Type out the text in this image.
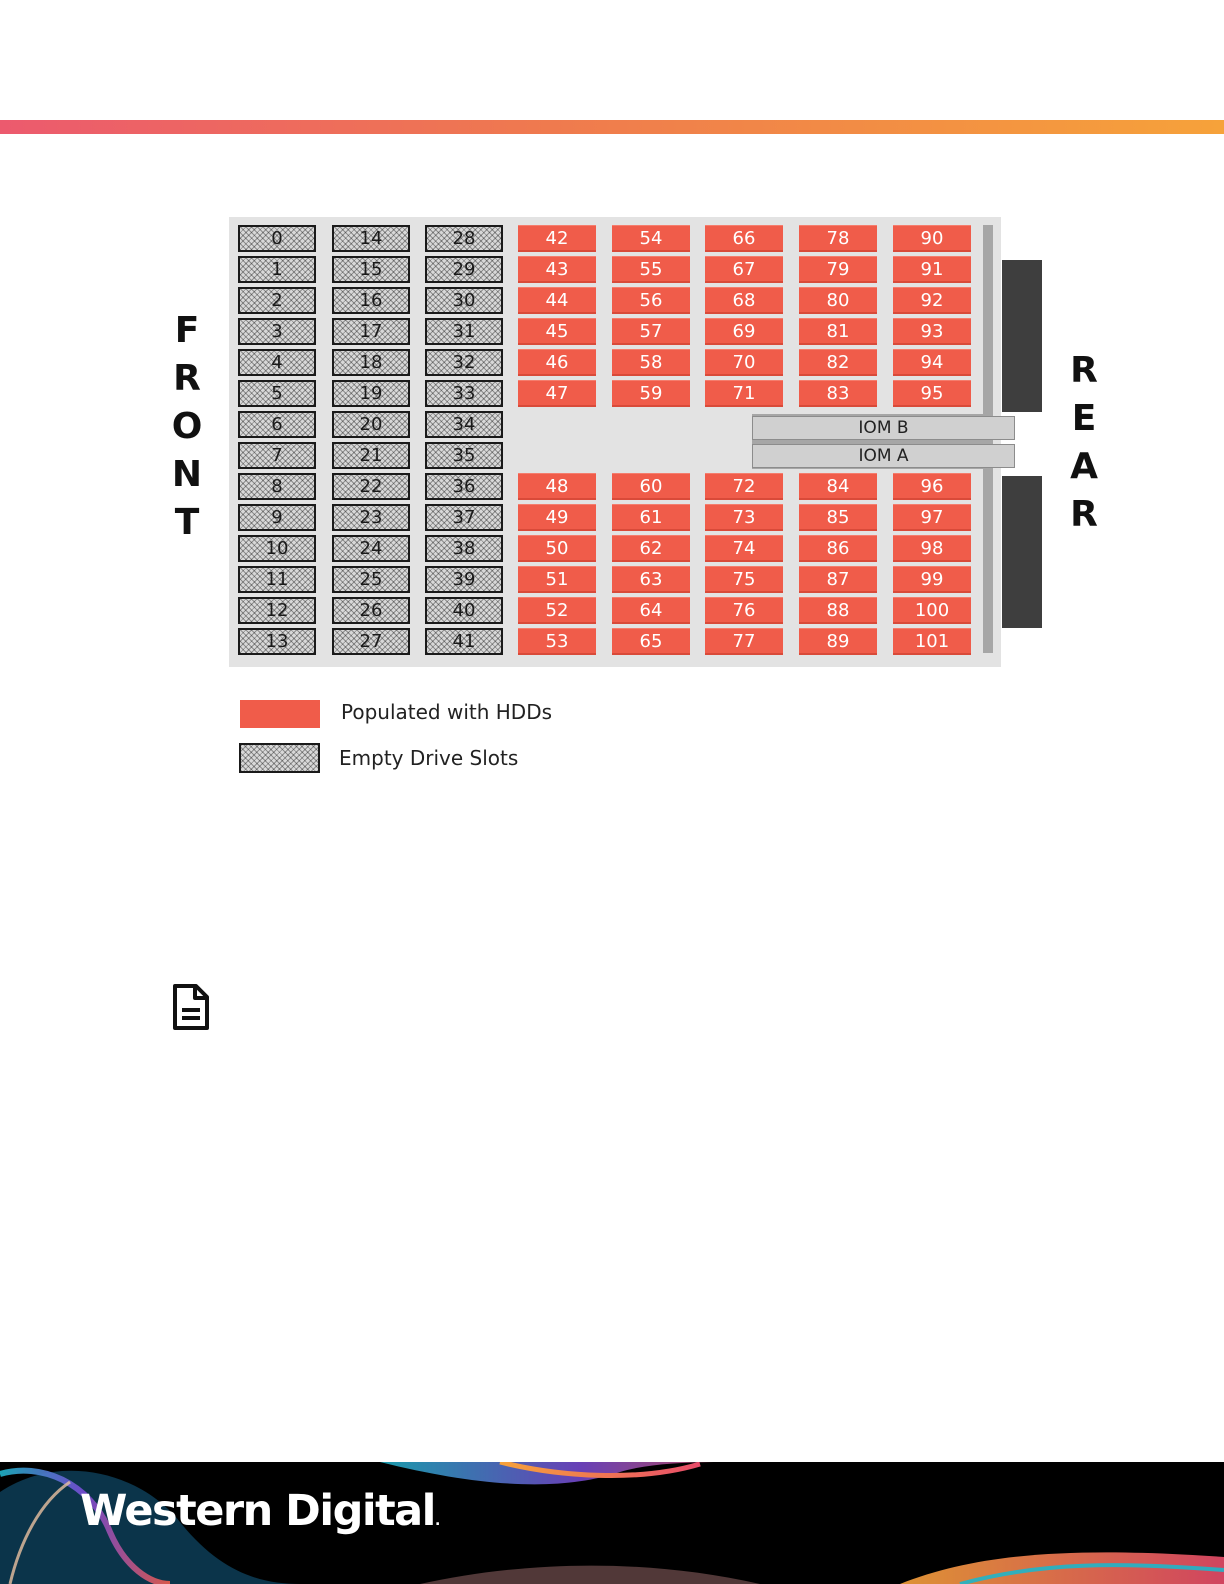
F
R
O
N
T
IOM B
IOM A
0
1
2
3
4
5
6
7
8
9
10
11
12
13
14
15
16
17
18
19
20
21
22
23
24
25
26
27
28
29
30
31
32
33
34
35
36
37
38
39
40
41
42
43
44
45
46
47
54
55
56
57
58
59
66
67
68
69
70
71
78
79
80
81
82
83
90
91
92
93
94
95
48
49
50
51
52
53
60
61
62
63
64
65
72
73
74
75
76
77
84
85
86
87
88
89
96
97
98
99
100
101
R
E
A
R
Populated with HDDs
Empty Drive Slots
Western Digital.
